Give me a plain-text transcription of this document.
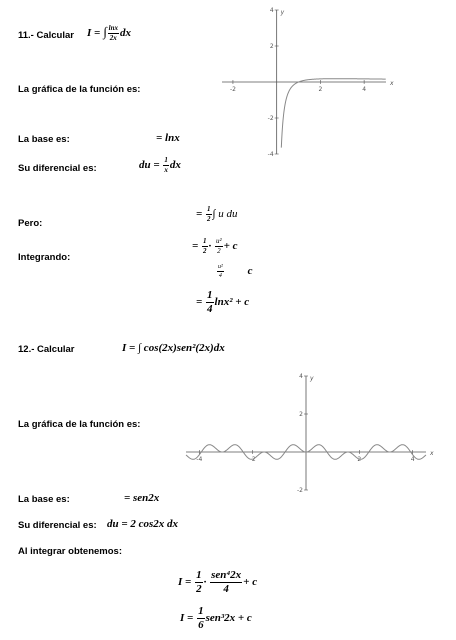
11.- Calcular I = ∫ $\frac{\ln x}{2x}$ dx
x
y
-2	2	4
4
2
-2
-4
La gráfica de la función es:
La base es:	= lnx
Su diferencial es:	du = $\frac{1}{x}$ dx
Pero:
= $\frac{1}{2}$ ∫ u du
Integrando:
= $\frac{1}{2} \cdot \frac{\text{u²}}{2} + c$
$\frac{\text{u²}}{4}$ c
= $\frac{1}{4} \ln x^2 + c$
12.- Calcular	I = ∫ cos(2x)sen²(2x)dx
x
y
-4	-2	2	4
4
2
-2
La gráfica de la función es:
La base es:	= sen2x
Su diferencial es: du = 2 cos2x dx
Al integrar obtenemos:
$I = \frac{1}{2} \cdot \frac{\text{sen⁴2x}}{4} + c$
$I = \frac{1}{6} sen^32x + c$
